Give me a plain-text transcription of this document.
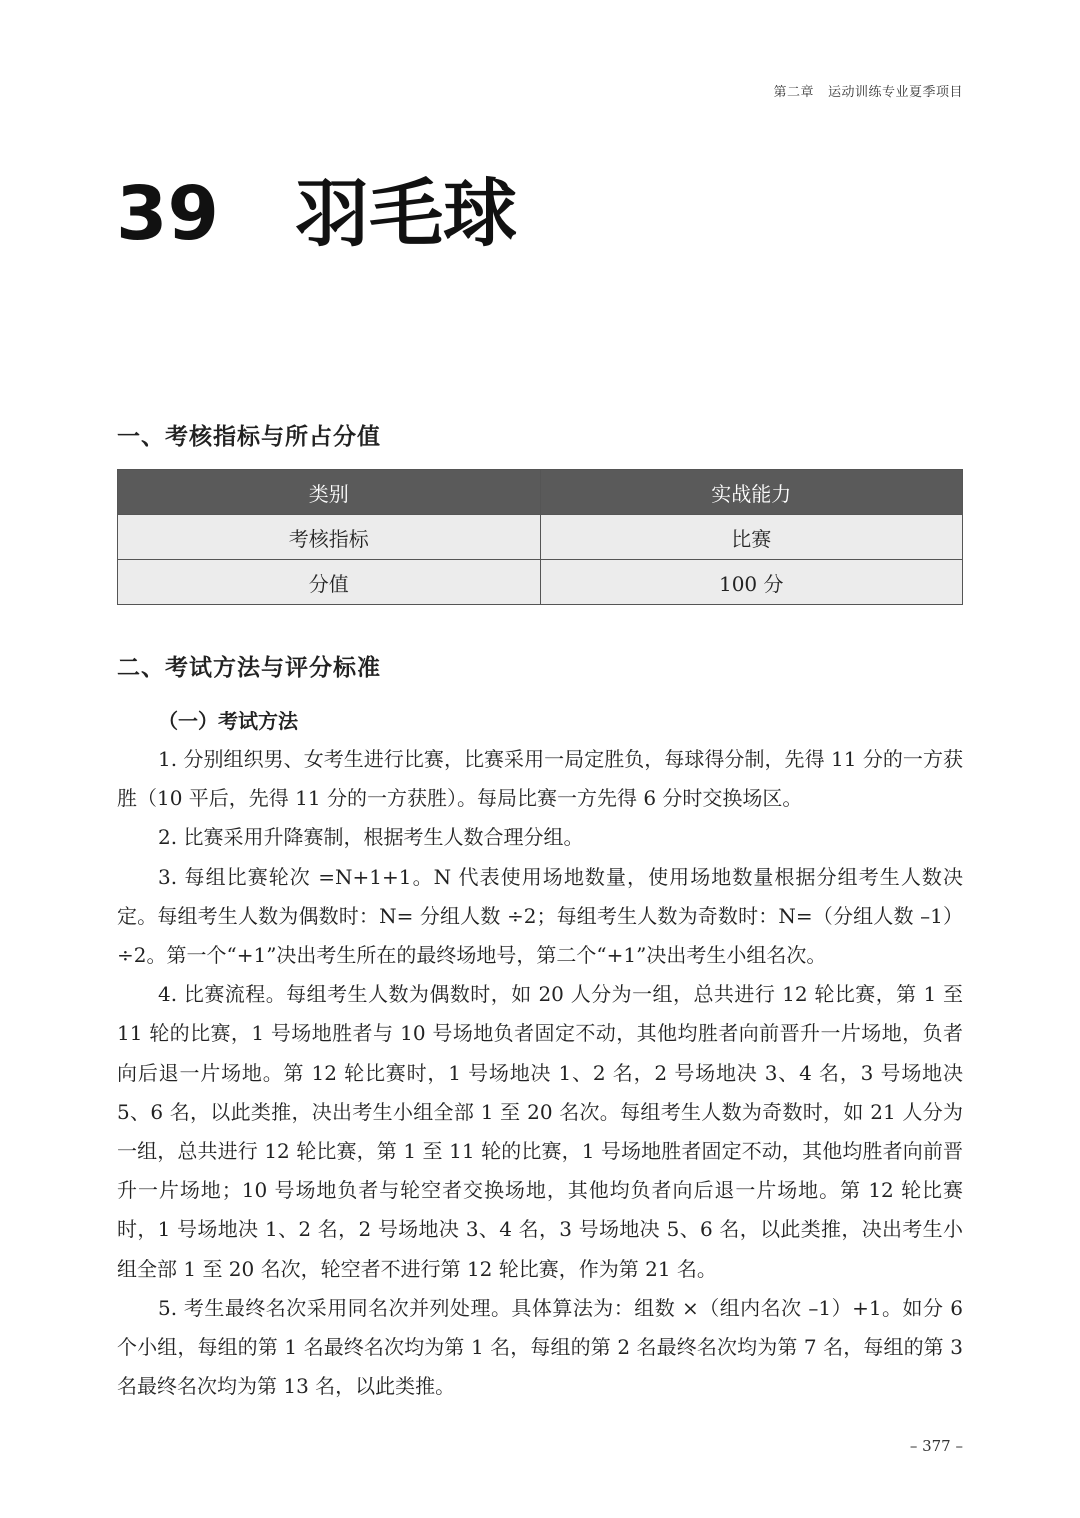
第二章 运动训练专业夏季项目
39 羽毛球
一、考核指标与所占分值
类别	实战能力
考核指标	比赛
分值	100 分
二、考试方法与评分标准
（一）考试方法

1. 分别组织男、女考生进行比赛，比赛采用一局定胜负，每球得分制，先得 11 分的一方获胜（10 平后，先得 11 分的一方获胜）。每局比赛一方先得 6 分时交换场区。

2. 比赛采用升降赛制，根据考生人数合理分组。

3. 每组比赛轮次 =N+1+1。N 代表使用场地数量，使用场地数量根据分组考生人数决定。每组考生人数为偶数时：N= 分组人数 ÷2；每组考生人数为奇数时：N=（分组人数 –1）÷2。第一个“+1”决出考生所在的最终场地号，第二个“+1”决出考生小组名次。

4. 比赛流程。每组考生人数为偶数时，如 20 人分为一组，总共进行 12 轮比赛，第 1 至 11 轮的比赛，1 号场地胜者与 10 号场地负者固定不动，其他均胜者向前晋升一片场地，负者向后退一片场地。第 12 轮比赛时，1 号场地决 1、2 名，2 号场地决 3、4 名，3 号场地决 5、6 名，以此类推，决出考生小组全部 1 至 20 名次。每组考生人数为奇数时，如 21 人分为一组，总共进行 12 轮比赛，第 1 至 11 轮的比赛，1 号场地胜者固定不动，其他均胜者向前晋升一片场地；10 号场地负者与轮空者交换场地，其他均负者向后退一片场地。第 12 轮比赛时，1 号场地决 1、2 名，2 号场地决 3、4 名，3 号场地决 5、6 名，以此类推，决出考生小组全部 1 至 20 名次，轮空者不进行第 12 轮比赛，作为第 21 名。

5. 考生最终名次采用同名次并列处理。具体算法为：组数 ×（组内名次 –1）+1。如分 6 个小组，每组的第 1 名最终名次均为第 1 名，每组的第 2 名最终名次均为第 7 名，每组的第 3 名最终名次均为第 13 名，以此类推。

– 377 –
